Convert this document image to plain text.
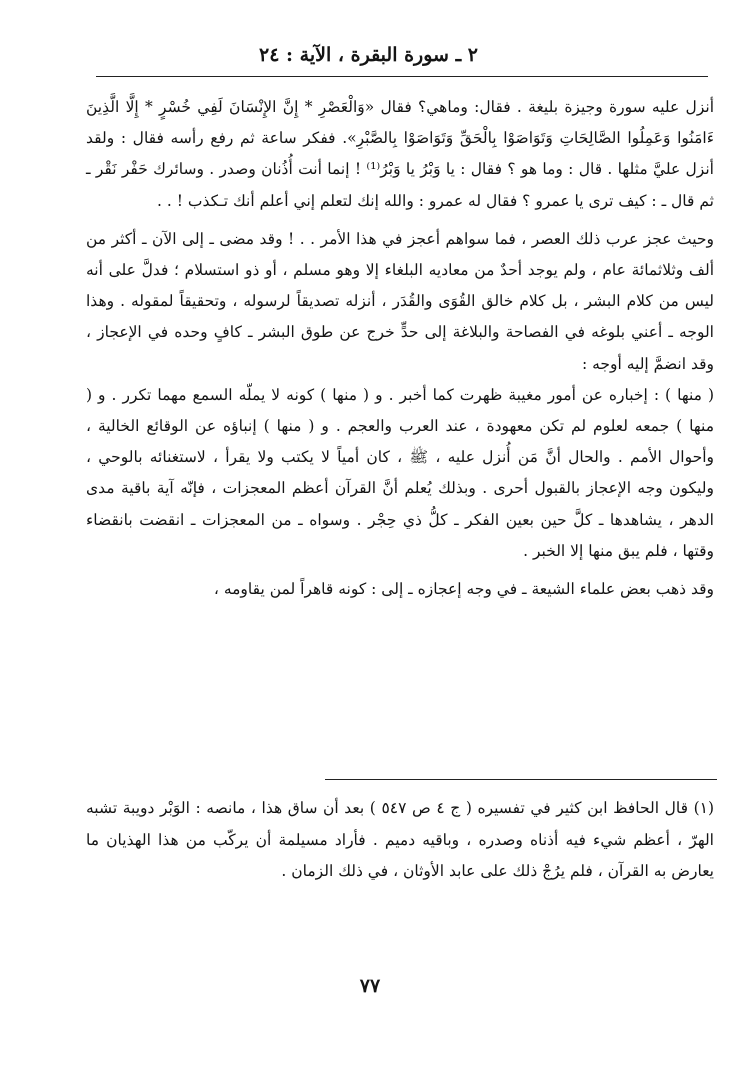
٢ ـ سورة البقرة ، الآية : ٢٤

أنزل عليه سورة وجيزة بليغة . فقال: وماهي؟ فقال «وَالْعَصْرِ * إِنَّ الإِنْسَانَ لَفِي خُسْرٍ * إِلَّا الَّذِينَ ءَامَنُوا وَعَمِلُوا الصَّالِحَاتِ وَتَوَاصَوْا بِالْحَقِّ وَتَوَاصَوْا بِالصَّبْرِ». ففكر ساعة ثم رفع رأسه فقال : ولقد أنزل عليَّ مثلها . قال : وما هو ؟ فقال : يا وَبْرُ يا وَبْرُ⁽¹⁾ ! إنما أنت أُذُنان وصدر . وسائرك حَفْر نَقْر ـ ثم قال ـ : كيف ترى يا عمرو ؟ فقال له عمرو : والله إنك لتعلم إني أعلم أنك تـكذب ! . .

وحيث عجز عرب ذلك العصر ، فما سواهم أعجز في هذا الأمر . . ! وقد مضى ـ إلى الآن ـ أكثر من ألف وثلاثمائة عام ، ولم يوجد أحدٌ من معاديه البلغاء إلا وهو مسلم ، أو ذو استسلام ؛ فدلَّ على أنه ليس من كلام البشر ، بل كلام خالق القُوَى والقُدَر ، أنزله تصديقاً لرسوله ، وتحقيقاً لمقوله . وهذا الوجه ـ أعني بلوغه في الفصاحة والبلاغة إلى حدٍّ خرج عن طوق البشر ـ كافٍ وحده في الإعجاز ، وقد انضمَّ إليه أوجه :

( منها ) : إخباره عن أمور مغيبة ظهرت كما أخبر . و ( منها ) كونه لا يملّه السمع مهما تكرر . و ( منها ) جمعه لعلوم لم تكن معهودة ، عند العرب والعجم . و ( منها ) إنباؤه عن الوقائع الخالية ، وأحوال الأمم . والحال أنَّ مَن أُنزل عليه ، ﷺ ، كان أمياً لا يكتب ولا يقرأ ، لاستغنائه بالوحي ، وليكون وجه الإعجاز بالقبول أحرى . وبذلك يُعلم أنَّ القرآن أعظم المعجزات ، فإنّه آية باقية مدى الدهر ، يشاهدها ـ كلَّ حين بعين الفكر ـ كلُّ ذي حِجْر . وسواه ـ من المعجزات ـ انقضت بانقضاء وقتها ، فلم يبق منها إلا الخبر .

وقد ذهب بعض علماء الشيعة ـ في وجه إعجازه ـ إلى : كونه قاهراً لمن يقاومه ،

(١) قال الحافظ ابن كثير في تفسيره ( ج ٤ ص ٥٤٧ ) بعد أن ساق هذا ، مانصه : الوَبْر دويبة تشبه الهرّ ، أعظم شيء فيه أذناه وصدره ، وباقيه دميم . فأراد مسيلمة أن يركّب من هذا الهذيان ما يعارض به القرآن ، فلم يرُجْ ذلك على عابد الأوثان ، في ذلك الزمان .
٧٧
